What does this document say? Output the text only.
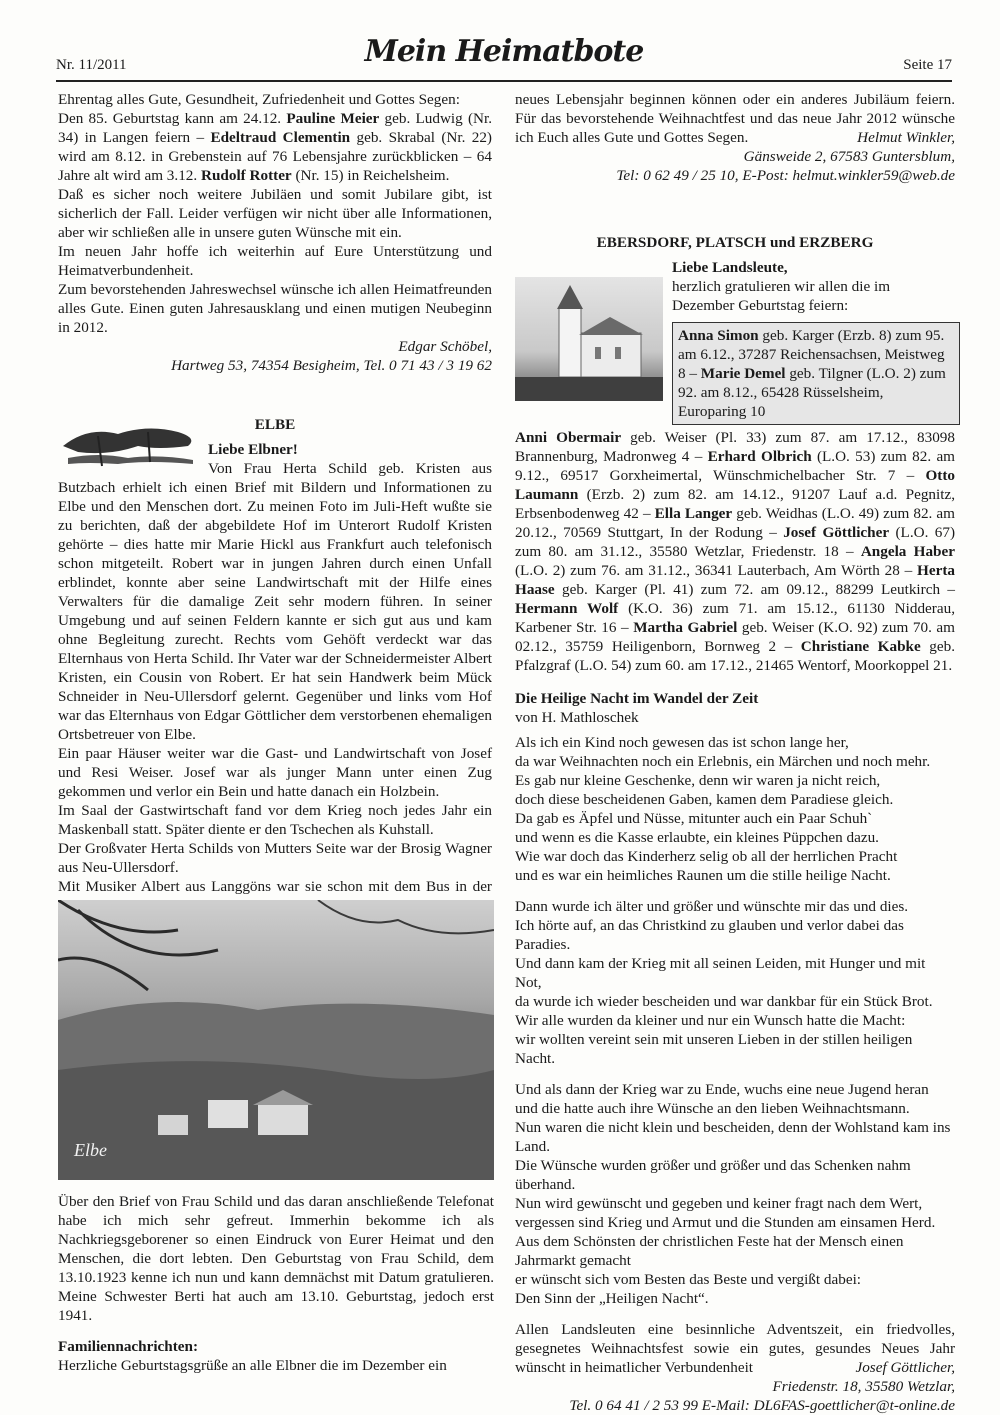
Nr. 11/2011	Mein Heimatbote	Seite 17

Ehrentag alles Gute, Gesundheit, Zufriedenheit und Gottes Segen:
Den 85. Geburtstag kann am 24.12. Pauline Meier geb. Ludwig (Nr. 34) in Langen feiern – Edeltraud Clementin geb. Skrabal (Nr. 22) wird am 8.12. in Grebenstein auf 76 Lebensjahre zurückblicken – 64 Jahre alt wird am 3.12. Rudolf Rotter (Nr. 15) in Reichelsheim.

Daß es sicher noch weitere Jubiläen und somit Jubilare gibt, ist sicherlich der Fall. Leider verfügen wir nicht über alle Informationen, aber wir schließen alle in unsere guten Wünsche mit ein.

Im neuen Jahr hoffe ich weiterhin auf Eure Unterstützung und Heimatverbundenheit.

Zum bevorstehenden Jahreswechsel wünsche ich allen Heimatfreunden alles Gute. Einen guten Jahresausklang und einen mutigen Neubeginn in 2012.

Edgar Schöbel,

Hartweg 53, 74354 Besigheim, Tel. 0 71 43 / 3 19 62

ELBE

Liebe Elbner!

Von Frau Herta Schild geb. Kristen aus Butzbach erhielt ich einen Brief mit Bildern und Informationen zu Elbe und den Menschen dort. Zu meinen Foto im Juli-Heft wußte sie zu berichten, daß der abgebildete Hof im Unterort Rudolf Kristen gehörte – dies hatte mir Marie Hickl aus Frankfurt auch telefonisch schon mitgeteilt. Robert war in jungen Jahren durch einen Unfall erblindet, konnte aber seine Landwirtschaft mit der Hilfe eines Verwalters für die damalige Zeit sehr modern führen. In seiner Umgebung und auf seinen Feldern kannte er sich gut aus und kam ohne Begleitung zurecht. Rechts vom Gehöft verdeckt war das Elternhaus von Herta Schild. Ihr Vater war der Schneidermeister Albert Kristen, ein Cousin von Robert. Er hat sein Handwerk beim Mück Schneider in Neu-Ullersdorf gelernt. Gegenüber und links vom Hof war das Elternhaus von Edgar Göttlicher dem verstorbenen ehemaligen Ortsbetreuer von Elbe.

Ein paar Häuser weiter war die Gast- und Landwirtschaft von Josef und Resi Weiser. Josef war als junger Mann unter einen Zug gekommen und verlor ein Bein und hatte danach ein Holzbein.

Im Saal der Gastwirtschaft fand vor dem Krieg noch jedes Jahr ein Maskenball statt. Später diente er den Tschechen als Kuhstall.

Der Großvater Herta Schilds von Mutters Seite war der Brosig Wagner aus Neu-Ullersdorf.

Mit Musiker Albert aus Langgöns war sie schon mit dem Bus in der

Elbe

Über den Brief von Frau Schild und das daran anschließende Telefonat habe ich mich sehr gefreut. Immerhin bekomme ich als Nachkriegsgeborener so einen Eindruck von Eurer Heimat und den Menschen, die dort lebten. Den Geburtstag von Frau Schild, dem 13.10.1923 kenne ich nun und kann demnächst mit Datum gratulieren. Meine Schwester Berti hat auch am 13.10. Geburtstag, jedoch erst 1941.

Familiennachrichten:

Herzliche Geburtstagsgrüße an alle Elbner die im Dezember ein

neues Lebensjahr beginnen können oder ein anderes Jubiläum feiern. Für das bevorstehende Weihnachtfest und das neue Jahr 2012 wünsche ich Euch alles Gute und Gottes Segen.	Helmut Winkler,

Gänsweide 2, 67583 Guntersblum,

Tel: 0 62 49 / 25 10, E-Post: helmut.winkler59@web.de

EBERSDORF, PLATSCH und ERZBERG

Liebe Landsleute,

herzlich gratulieren wir allen die im Dezember Geburtstag feiern:

Anna Simon geb. Karger (Erzb. 8) zum 95. am 6.12., 37287 Reichensachsen, Meistweg 8 – Marie Demel geb. Tilgner (L.O. 2) zum 92. am 8.12., 65428 Rüsselsheim, Europaring 10

Anni Obermair geb. Weiser (Pl. 33) zum 87. am 17.12., 83098 Brannenburg, Madronweg 4 – Erhard Olbrich (L.O. 53) zum 82. am 9.12., 69517 Gorxheimertal, Wünschmichelbacher Str. 7 – Otto Laumann (Erzb. 2) zum 82. am 14.12., 91207 Lauf a.d. Pegnitz, Erbsenbodenweg 42 – Ella Langer geb. Weidhas (L.O. 49) zum 82. am 20.12., 70569 Stuttgart, In der Rodung – Josef Göttlicher (L.O. 67) zum 80. am 31.12., 35580 Wetzlar, Friedenstr. 18 – Angela Haber (L.O. 2) zum 76. am 31.12., 36341 Lauterbach, Am Wörth 28 – Herta Haase geb. Karger (Pl. 41) zum 72. am 09.12., 88299 Leutkirch – Hermann Wolf (K.O. 36) zum 71. am 15.12., 61130 Nidderau, Karbener Str. 16 – Martha Gabriel geb. Weiser (K.O. 92) zum 70. am 02.12., 35759 Heiligenborn, Bornweg 2 – Christiane Kabke geb. Pfalzgraf (L.O. 54) zum 60. am 17.12., 21465 Wentorf, Moorkoppel 21.

Die Heilige Nacht im Wandel der Zeit

von H. Mathloschek

Als ich ein Kind noch gewesen das ist schon lange her,

da war Weihnachten noch ein Erlebnis, ein Märchen und noch mehr.

Es gab nur kleine Geschenke, denn wir waren ja nicht reich,

doch diese bescheidenen Gaben, kamen dem Paradiese gleich.

Da gab es Äpfel und Nüsse, mitunter auch ein Paar Schuh`

und wenn es die Kasse erlaubte, ein kleines Püppchen dazu.

Wie war doch das Kinderherz selig ob all der herrlichen Pracht

und es war ein heimliches Raunen um die stille heilige Nacht.

Dann wurde ich älter und größer und wünschte mir das und dies.

Ich hörte auf, an das Christkind zu glauben und verlor dabei das Paradies.

Und dann kam der Krieg mit all seinen Leiden, mit Hunger und mit Not,

da wurde ich wieder bescheiden und war dankbar für ein Stück Brot.

Wir alle wurden da kleiner und nur ein Wunsch hatte die Macht:

wir wollten vereint sein mit unseren Lieben in der stillen heiligen Nacht.

Und als dann der Krieg war zu Ende, wuchs eine neue Jugend heran

und die hatte auch ihre Wünsche an den lieben Weihnachtsmann.

Nun waren die nicht klein und bescheiden, denn der Wohlstand kam ins Land.

Die Wünsche wurden größer und größer und das Schenken nahm überhand.

Nun wird gewünscht und gegeben und keiner fragt nach dem Wert,

vergessen sind Krieg und Armut und die Stunden am einsamen Herd.

Aus dem Schönsten der christlichen Feste hat der Mensch einen Jahrmarkt gemacht

er wünscht sich vom Besten das Beste und vergißt dabei:

Den Sinn der „Heiligen Nacht“.

Allen Landsleuten eine besinnliche Adventszeit, ein friedvolles, gesegnetes Weihnachtsfest sowie ein gutes, gesundes Neues Jahr wünscht in heimatlicher Verbundenheit	Josef Göttlicher,

Friedenstr. 18, 35580 Wetzlar,

Tel. 0 64 41 / 2 53 99 E-Mail: DL6FAS-goettlicher@t-online.de
